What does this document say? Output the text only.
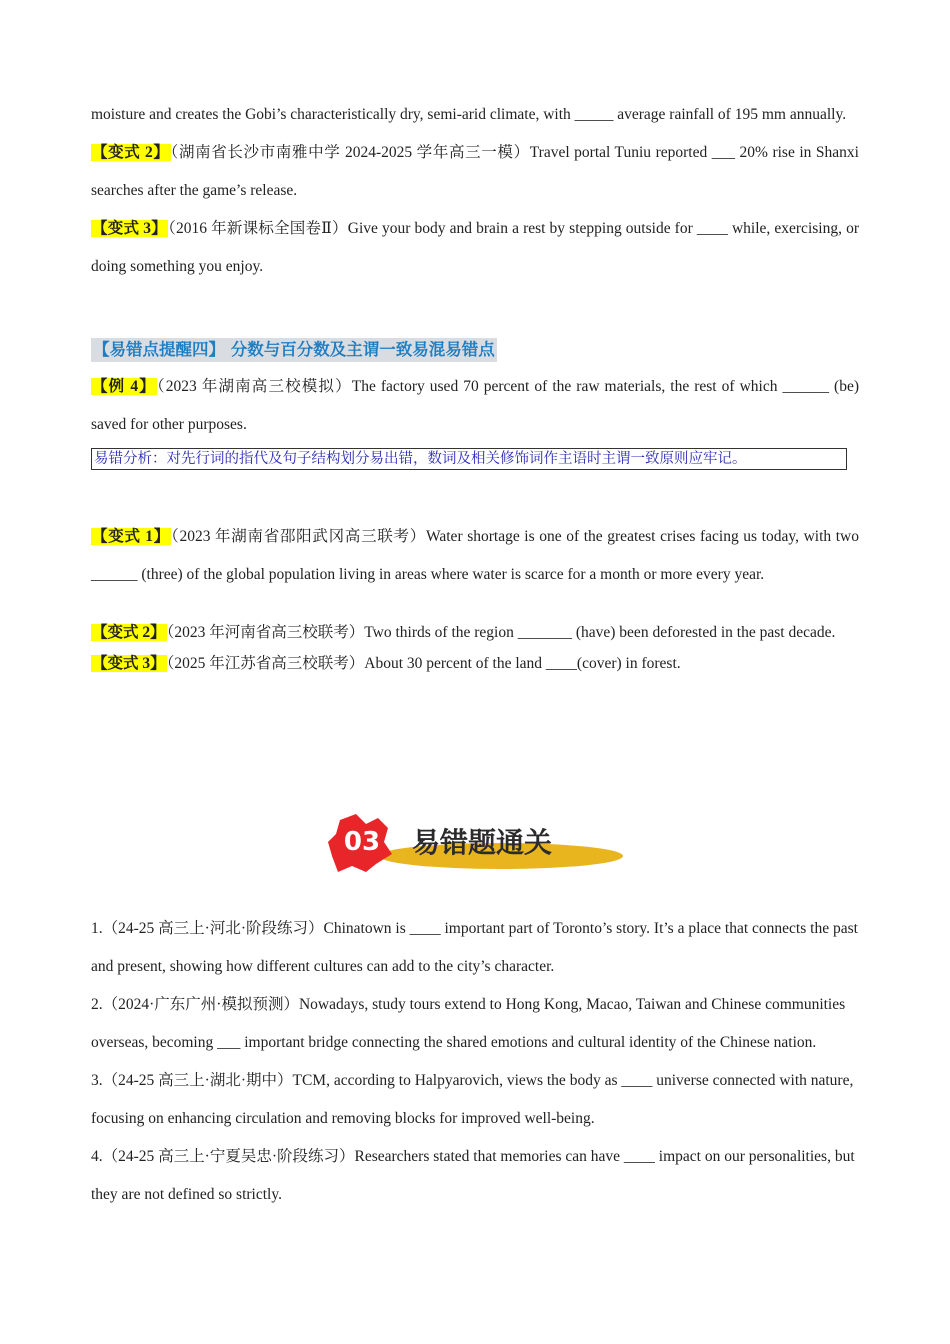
moisture and creates the Gobi’s characteristically dry, semi-arid climate, with _____ average rainfall of 195 mm annually.

【变式 2】（湖南省长沙市南雅中学 2024-2025 学年高三一模）Travel portal Tuniu reported ___ 20% rise in Shanxi searches after the game’s release.

【变式 3】（2016 年新课标全国卷Ⅱ）Give your body and brain a rest by stepping outside for ____ while, exercising, or doing something you enjoy.

【易错点提醒四】 分数与百分数及主谓一致易混易错点

【例 4】（2023 年湖南高三校模拟）The factory used 70 percent of the raw materials, the rest of which ______ (be) saved for other purposes.

易错分析：对先行词的指代及句子结构划分易出错，数词及相关修饰词作主语时主谓一致原则应牢记。

【变式 1】（2023 年湖南省邵阳武冈高三联考）Water shortage is one of the greatest crises facing us today, with two ______ (three) of the global population living in areas where water is scarce for a month or more every year.

【变式 2】（2023 年河南省高三校联考）Two thirds of the region _______ (have) been deforested in the past decade.

【变式 3】（2025 年江苏省高三校联考）About 30 percent of the land ____(cover) in forest.

03 易错题通关

1.（24-25 高三上·河北·阶段练习）Chinatown is ____ important part of Toronto’s story. It’s a place that connects the past and present, showing how different cultures can add to the city’s character.

2.（2024·广东广州·模拟预测）Nowadays, study tours extend to Hong Kong, Macao, Taiwan and Chinese communities overseas, becoming ___ important bridge connecting the shared emotions and cultural identity of the Chinese nation.

3.（24-25 高三上·湖北·期中）TCM, according to Halpyarovich, views the body as ____ universe connected with nature, focusing on enhancing circulation and removing blocks for improved well-being.

4.（24-25 高三上·宁夏吴忠·阶段练习）Researchers stated that memories can have ____ impact on our personalities, but they are not defined so strictly.
